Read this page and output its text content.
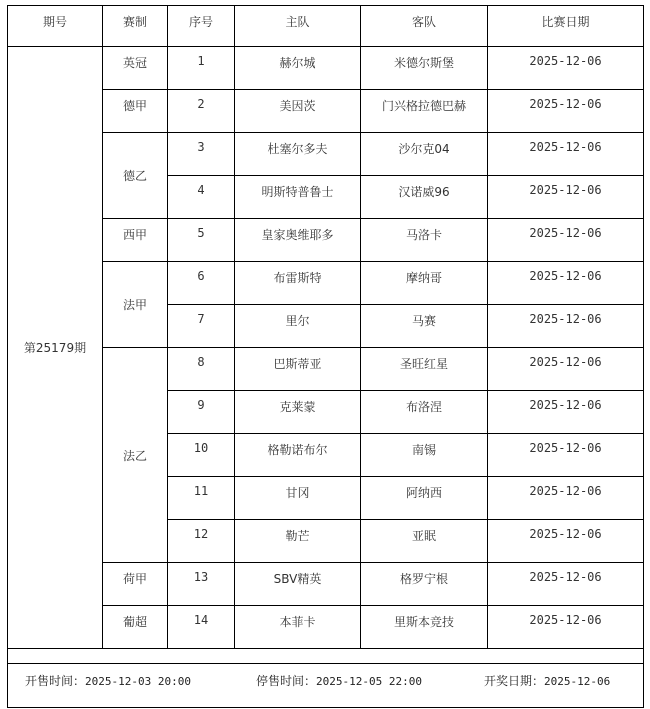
期号	赛制	序号	主队	客队	比赛日期
第25179期	英冠	1	赫尔城	米德尔斯堡	2025-12-06
	德甲	2	美因茨	门兴格拉德巴赫	2025-12-06
	德乙	3	杜塞尔多夫	沙尔克04	2025-12-06
		4	明斯特普鲁士	汉诺威96	2025-12-06
	西甲	5	皇家奥维耶多	马洛卡	2025-12-06
	法甲	6	布雷斯特	摩纳哥	2025-12-06
		7	里尔	马赛	2025-12-06
	法乙	8	巴斯蒂亚	圣旺红星	2025-12-06
		9	克莱蒙	布洛涅	2025-12-06
		10	格勒诺布尔	南锡	2025-12-06
		11	甘冈	阿纳西	2025-12-06
		12	勒芒	亚眠	2025-12-06
	荷甲	13	SBV精英	格罗宁根	2025-12-06
	葡超	14	本菲卡	里斯本竞技	2025-12-06
开售时间：2025-12-03 20:00	停售时间：2025-12-05 22:00	开奖日期：2025-12-06
